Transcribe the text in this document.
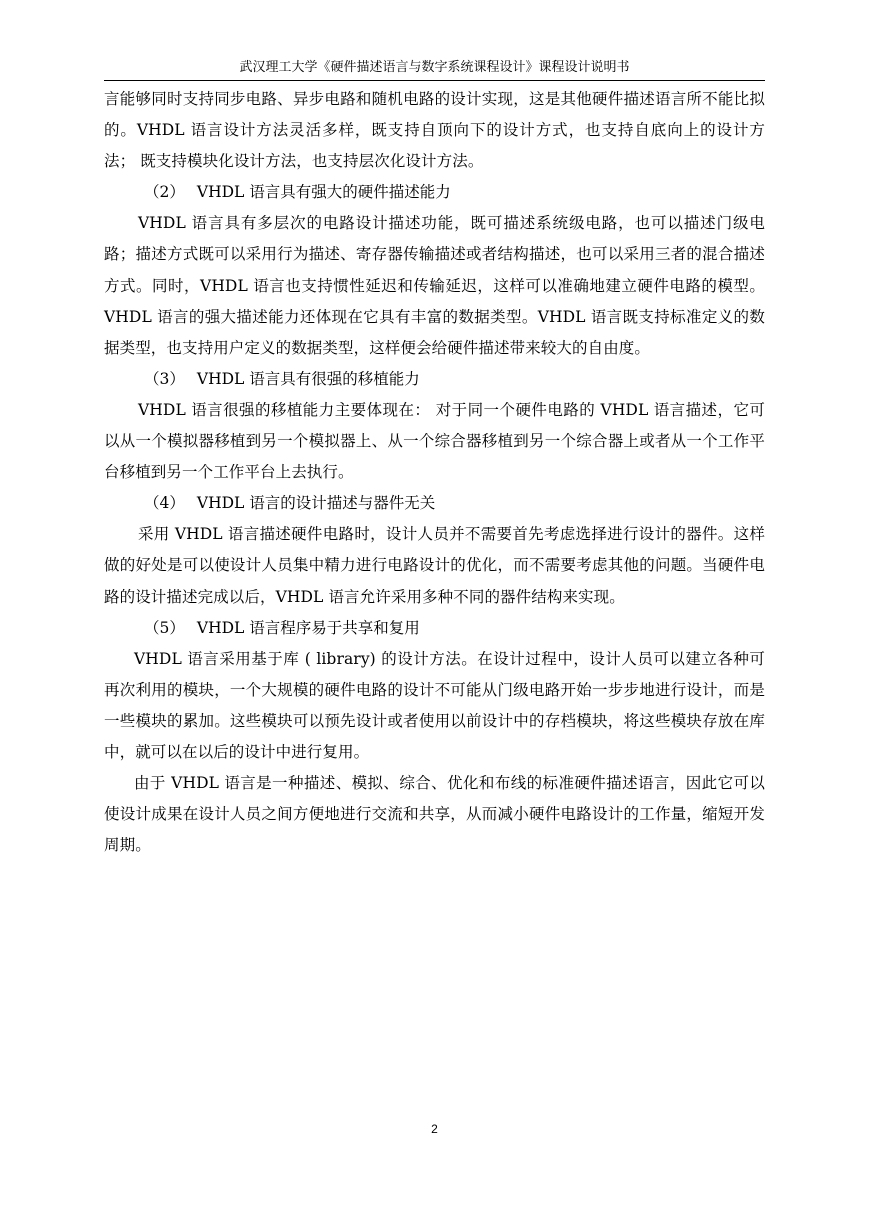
武汉理工大学《硬件描述语言与数字系统课程设计》课程设计说明书

言能够同时支持同步电路、异步电路和随机电路的设计实现，这是其他硬件描述语言所不能比拟的。VHDL 语言设计方法灵活多样，既支持自顶向下的设计方式，也支持自底向上的设计方法； 既支持模块化设计方法，也支持层次化设计方法。

（2） VHDL 语言具有强大的硬件描述能力

VHDL 语言具有多层次的电路设计描述功能，既可描述系统级电路，也可以描述门级电路；描述方式既可以采用行为描述、寄存器传输描述或者结构描述，也可以采用三者的混合描述方式。同时，VHDL 语言也支持惯性延迟和传输延迟，这样可以准确地建立硬件电路的模型。VHDL 语言的强大描述能力还体现在它具有丰富的数据类型。VHDL 语言既支持标准定义的数据类型，也支持用户定义的数据类型，这样便会给硬件描述带来较大的自由度。

（3） VHDL 语言具有很强的移植能力

VHDL 语言很强的移植能力主要体现在： 对于同一个硬件电路的 VHDL 语言描述，它可以从一个模拟器移植到另一个模拟器上、从一个综合器移植到另一个综合器上或者从一个工作平台移植到另一个工作平台上去执行。

（4） VHDL 语言的设计描述与器件无关

采用 VHDL 语言描述硬件电路时，设计人员并不需要首先考虑选择进行设计的器件。这样做的好处是可以使设计人员集中精力进行电路设计的优化，而不需要考虑其他的问题。当硬件电路的设计描述完成以后，VHDL 语言允许采用多种不同的器件结构来实现。

（5） VHDL 语言程序易于共享和复用

VHDL 语言采用基于库 ( library) 的设计方法。在设计过程中，设计人员可以建立各种可再次利用的模块，一个大规模的硬件电路的设计不可能从门级电路开始一步步地进行设计，而是一些模块的累加。这些模块可以预先设计或者使用以前设计中的存档模块，将这些模块存放在库中，就可以在以后的设计中进行复用。

由于 VHDL 语言是一种描述、模拟、综合、优化和布线的标准硬件描述语言，因此它可以使设计成果在设计人员之间方便地进行交流和共享，从而减小硬件电路设计的工作量，缩短开发周期。

2
